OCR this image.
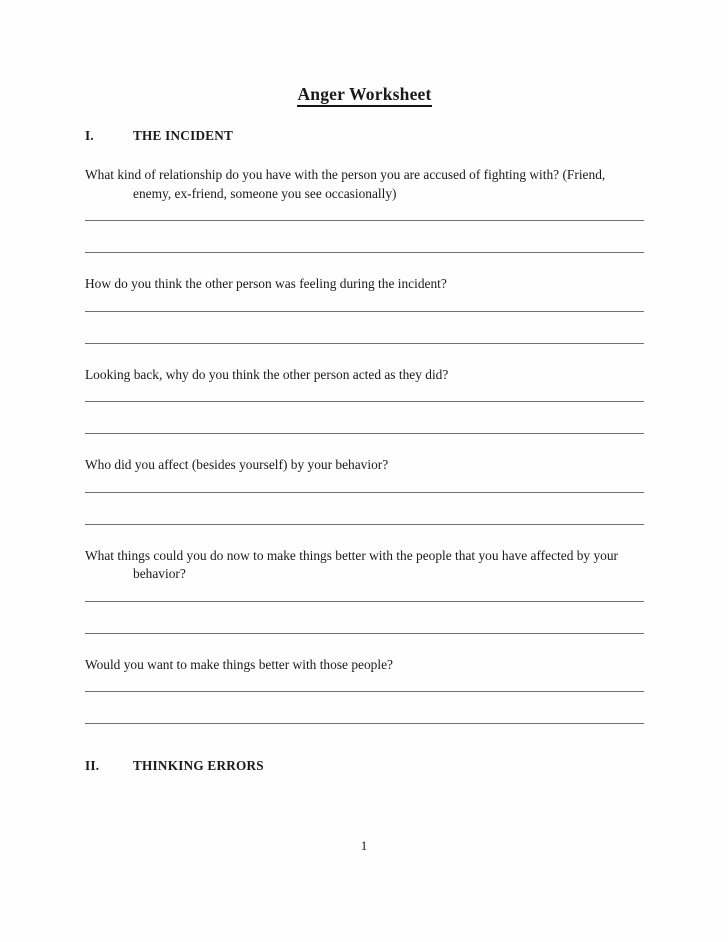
Anger Worksheet
I.	THE INCIDENT

What kind of relationship do you have with the person you are accused of fighting with? (Friend, enemy, ex-friend, someone you see occasionally)

How do you think the other person was feeling during the incident?

Looking back, why do you think the other person acted as they did?

Who did you affect (besides yourself) by your behavior?

What things could you do now to make things better with the people that you have affected by your behavior?

Would you want to make things better with those people?

II.	THINKING ERRORS
1
